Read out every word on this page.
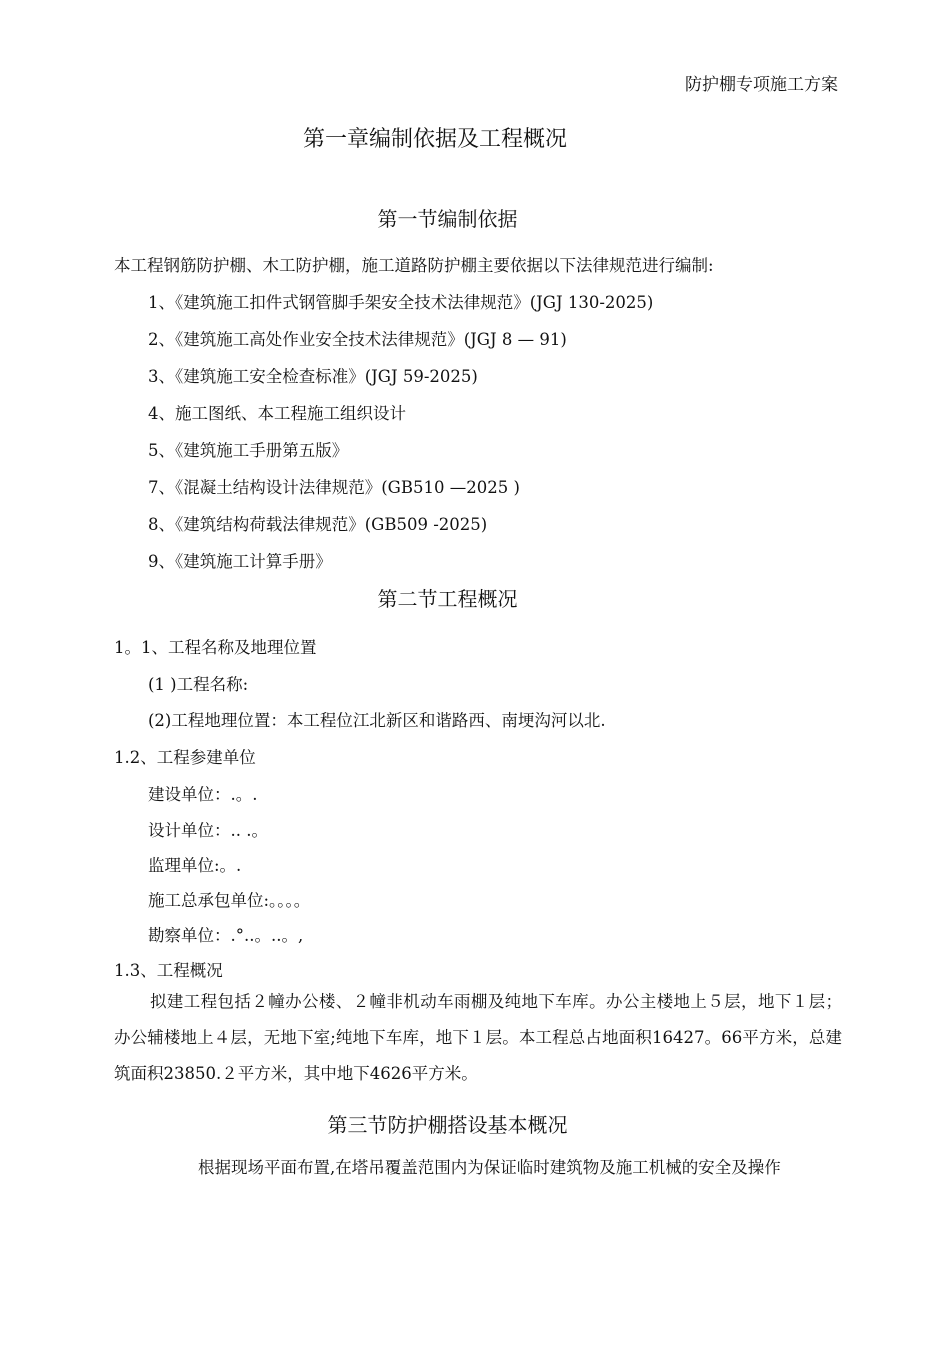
防护棚专项施工方案
第一章编制依据及工程概况
第一节编制依据
本工程钢筋防护棚、木工防护棚，施工道路防护棚主要依据以下法律规范进行编制:
1、《建筑施工扣件式钢管脚手架安全技术法律规范》(JGJ 130-2025)
2、《建筑施工高处作业安全技术法律规范》(JGJ 8 — 91)
3、《建筑施工安全检查标准》(JGJ 59-2025)
4、施工图纸、本工程施工组织设计
5、《建筑施工手册第五版》
7、《混凝土结构设计法律规范》(GB510 —2025 )
8、《建筑结构荷载法律规范》(GB509 -2025)
9、《建筑施工计算手册》
第二节工程概况
1。1、工程名称及地理位置
(1 )工程名称:
(2)工程地理位置：本工程位江北新区和谐路西、南埂沟河以北.
1.2、工程参建单位
建设单位：.。.
设计单位：.. .。
监理单位:。.
施工总承包单位:。。。。
勘察单位：.°..。..。,
1.3、工程概况
拟建工程包括２幢办公楼、２幢非机动车雨棚及纯地下车库。办公主楼地上５层，地下１层；办公辅楼地上４层，无地下室;纯地下车库，地下１层。本工程总占地面积16427。66平方米，总建筑面积23850.２平方米，其中地下4626平方米。
第三节防护棚搭设基本概况
根据现场平面布置,在塔吊覆盖范围内为保证临时建筑物及施工机械的安全及操作
